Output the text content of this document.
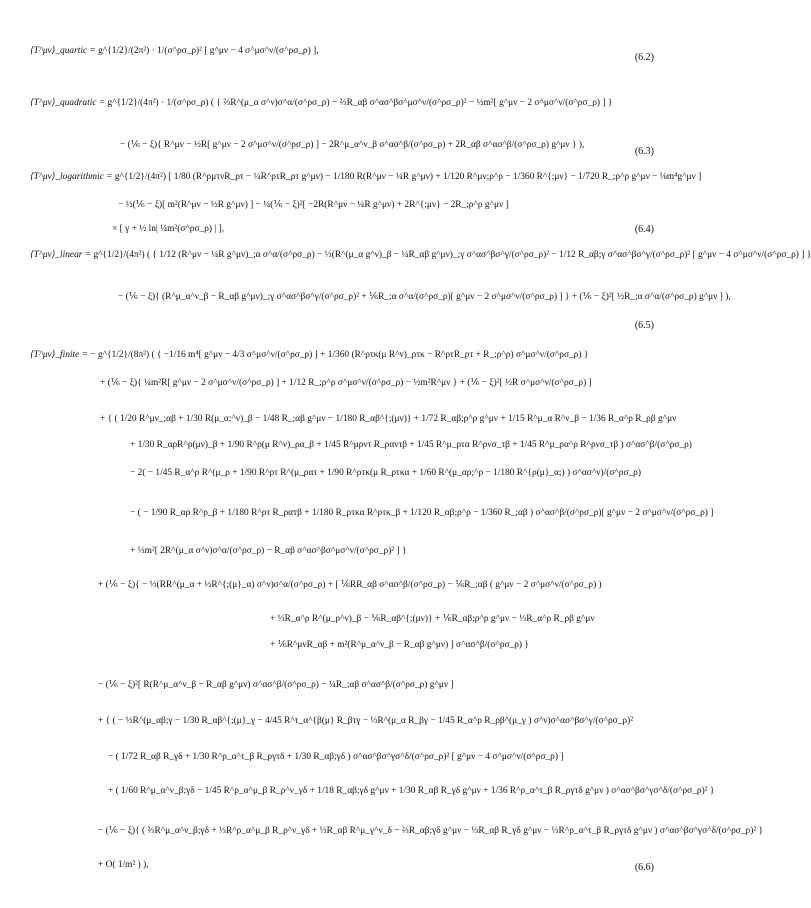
⟨T^μν⟩_quartic = g^{1/2}/(2π²) · 1/(σ^ρσ_ρ)² [ g^μν − 4 σ^μσ^ν/(σ^ρσ_ρ) ],
(6.2)
⟨T^μν⟩_quadratic = g^{1/2}/(4π²) · 1/(σ^ρσ_ρ) ( { ⅔R^(μ_α σ^ν)σ^α/(σ^ρσ_ρ) − ⅔R_αβ σ^ασ^βσ^μσ^ν/(σ^ρσ_ρ)² − ½m²[ g^μν − 2 σ^μσ^ν/(σ^ρσ_ρ) ] }
− (⅙ − ξ){ R^μν − ½R[ g^μν − 2 σ^μσ^ν/(σ^ρσ_ρ) ] − 2R^μ_α^ν_β σ^ασ^β/(σ^ρσ_ρ) + 2R_αβ σ^ασ^β/(σ^ρσ_ρ) g^μν } ),
(6.3)
⟨T^μν⟩_logarithmic = g^{1/2}/(4π²) [ 1/80 (R^ρμτνR_ρτ − ¼R^ρτR_ρτ g^μν) − 1/180 R(R^μν − ¼R g^μν) + 1/120 R^μν;ρ^ρ − 1/360 R^{;μν} − 1/720 R_;ρ^ρ g^μν − ⅛m⁴g^μν ]
− ½(⅙ − ξ)[ m²(R^μν − ½R g^μν) ] − ¼(⅙ − ξ)²[ −2R(R^μν − ¼R g^μν) + 2R^{;μν} − 2R_;ρ^ρ g^μν ]
× [ γ + ½ ln| ¼m²(σ^ρσ_ρ) | ],	(6.4)
⟨T^μν⟩_linear = g^{1/2}/(4π²) ( { 1/12 (R^μν − ¼R g^μν)_;α σ^α/(σ^ρσ_ρ) − ⅓(R^(μ_α g^ν)_β − ¼R_αβ g^μν)_;γ σ^ασ^βσ^γ/(σ^ρσ_ρ)² − 1/12 R_αβ;γ σ^ασ^βσ^γ/(σ^ρσ_ρ)² [ g^μν − 4 σ^μσ^ν/(σ^ρσ_ρ) ] }
− (⅙ − ξ){ (R^μ_α^ν_β − R_αβ g^μν)_;γ σ^ασ^βσ^γ/(σ^ρσ_ρ)² + ⅙R_;α σ^α/(σ^ρσ_ρ)[ g^μν − 2 σ^μσ^ν/(σ^ρσ_ρ) ] } + (⅙ − ξ)²[ ½R_;α σ^α/(σ^ρσ_ρ) g^μν ] ),
(6.5)
⟨T^μν⟩_finite = − g^{1/2}/(8π²) ( { −1/16 m⁴[ g^μν − 4/3 σ^μσ^ν/(σ^ρσ_ρ) ] + 1/360 (R^ρτκ(μ R^ν)_ρτκ − R^ρτR_ρτ + R_;ρ^ρ) σ^μσ^ν/(σ^ρσ_ρ) }
+ (⅙ − ξ){ ¼m²R[ g^μν − 2 σ^μσ^ν/(σ^ρσ_ρ) ] + 1/12 R_;ρ^ρ σ^μσ^ν/(σ^ρσ_ρ) − ½m²R^μν } + (⅙ − ξ)²[ ½R σ^μσ^ν/(σ^ρσ_ρ) ]
+ { ( 1/20 R^μν_;αβ + 1/30 R(μ_α;^ν)_β − 1/48 R_;αβ g^μν − 1/180 R_αβ^{;(μν)} + 1/72 R_αβ;ρ^ρ g^μν + 1/15 R^μ_α R^ν_β − 1/36 R_α^ρ R_ρβ g^μν
+ 1/30 R_αρR^ρ(μν)_β + 1/90 R^ρ(μ R^ν)_ρα_β + 1/45 R^μρντ R_ραντβ + 1/45 R^μ_ρτα R^ρνσ_τβ + 1/45 R^μ_ρα^ρ R^ρνσ_τβ ) σ^ασ^β/(σ^ρσ_ρ)
− 2( − 1/45 R_α^ρ R^(μ_ρ + 1/90 R^ρτ R^(μ_ρατ + 1/90 R^ρτκ(μ R_ρτκα + 1/60 R^(μ_αρ;^ρ − 1/180 R^{ρ(μ}_α;) ) σ^ασ^ν)/(σ^ρσ_ρ)
− ( − 1/90 R_αρ R^ρ_β + 1/180 R^ρτ R_ραтβ + 1/180 R_ρτκα R^ρτκ_β + 1/120 R_αβ;ρ^ρ − 1/360 R_;αβ ) σ^ασ^β/(σ^ρσ_ρ)[ g^μν − 2 σ^μσ^ν/(σ^ρσ_ρ) ]
+ ⅓m²[ 2R^(μ_α σ^ν)σ^α/(σ^ρσ_ρ) − R_αβ σ^ασ^βσ^μσ^ν/(σ^ρσ_ρ)² ] }
+ (⅙ − ξ){ − ⅓(RR^(μ_α + ½R^{;(μ}_α) σ^ν)σ^α/(σ^ρσ_ρ) + [ ⅙RR_αβ σ^ασ^β/(σ^ρσ_ρ) − ⅙R_;αβ ( g^μν − 2 σ^μσ^ν/(σ^ρσ_ρ) )
+ ⅓R_α^ρ R^(μ_ρ^ν)_β − ⅙R_αβ^{;(μν)} + ⅙R_αβ;ρ^ρ g^μν − ⅓R_α^ρ R_ρβ g^μν
+ ⅙R^μνR_αβ + m²(R^μ_α^ν_β − R_αβ g^μν) ] σ^ασ^β/(σ^ρσ_ρ) }
− (⅙ − ξ)²[ R(R^μ_α^ν_β − R_αβ g^μν) σ^ασ^β/(σ^ρσ_ρ) − ¼R_;αβ σ^ασ^β/(σ^ρσ_ρ) g^μν ]
+ { ( − ⅓R^(μ_αβ;γ − 1/30 R_αβ^{;(μ}_γ − 4/45 R^τ_α^{β(μ} R_βτγ − ⅓R^(μ_α R_βγ − 1/45 R_α^ρ R_ρβ^(μ_γ ) σ^ν)σ^ασ^βσ^γ/(σ^ρσ_ρ)²
− ( 1/72 R_αβ R_γδ + 1/30 R^ρ_α^τ_β R_ργτδ + 1/30 R_αβ;γδ ) σ^ασ^βσ^γσ^δ/(σ^ρσ_ρ)² [ g^μν − 4 σ^μσ^ν/(σ^ρσ_ρ) ]
+ ( 1/60 R^μ_α^ν_β;γδ − 1/45 R^ρ_α^μ_β R_ρ^ν_γδ + 1/18 R_αβ;γδ g^μν + 1/30 R_αβ R_γδ g^μν + 1/36 R^ρ_α^τ_β R_ργτδ g^μν ) σ^ασ^βσ^γσ^δ/(σ^ρσ_ρ)² }
− (⅙ − ξ){ ( ⅔R^μ_α^ν_β;γδ + ⅓R^ρ_α^μ_β R_ρ^ν_γδ + ⅓R_αβ R^μ_γ^ν_δ − ⅔R_αβ;γδ g^μν − ⅓R_αβ R_γδ g^μν − ⅓R^ρ_α^τ_β R_ργτδ g^μν ) σ^ασ^βσ^γσ^δ/(σ^ρσ_ρ)² }
+ O( 1/m² ) ),	(6.6)
